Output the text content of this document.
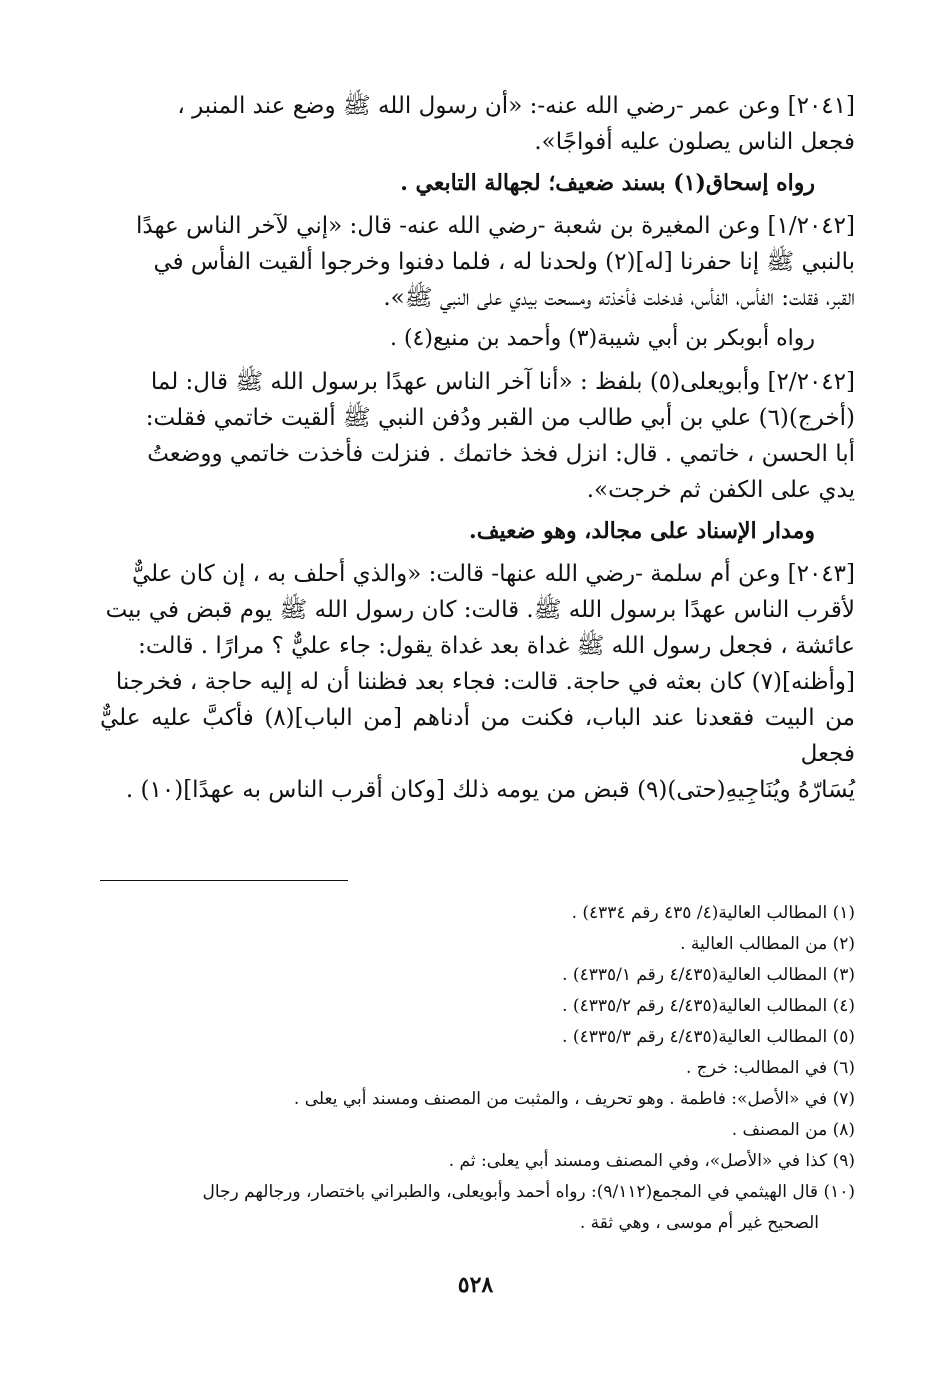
[٢٠٤١] وعن عمر -رضي الله عنه-: «أن رسول الله ﷺ وضع عند المنبر ،

فجعل الناس يصلون عليه أفواجًا».

رواه إسحاق(١) بسند ضعيف؛ لجهالة التابعي .

[١/٢٠٤٢] وعن المغيرة بن شعبة -رضي الله عنه- قال: «إني لآخر الناس عهدًا

بالنبي ﷺ إنا حفرنا [له](٢) ولحدنا له ، فلما دفنوا وخرجوا ألقيت الفأس في

القبر، فقلت: الفأس، الفأس، فدخلت فأخذته ومسحت بيدي على النبي ﷺ».

رواه أبوبكر بن أبي شيبة(٣) وأحمد بن منيع(٤) .

[٢/٢٠٤٢] وأبويعلى(٥) بلفظ : «أنا آخر الناس عهدًا برسول الله ﷺ قال: لما

(أخرج)(٦) علي بن أبي طالب من القبر ودُفن النبي ﷺ ألقيت خاتمي فقلت:

أبا الحسن ، خاتمي . قال: انزل فخذ خاتمك . فنزلت فأخذت خاتمي ووضعتُ

يدي على الكفن ثم خرجت».

ومدار الإسناد على مجالد، وهو ضعيف.

[٢٠٤٣] وعن أم سلمة -رضي الله عنها- قالت: «والذي أحلف به ، إن كان عليٌّ

لأقرب الناس عهدًا برسول الله ﷺ. قالت: كان رسول الله ﷺ يوم قبض في بيت

عائشة ، فجعل رسول الله ﷺ غداة بعد غداة يقول: جاء عليٌّ ؟ مرارًا . قالت:

[وأظنه](٧) كان بعثه في حاجة. قالت: فجاء بعد فظننا أن له إليه حاجة ، فخرجنا

من البيت فقعدنا عند الباب، فكنت من أدناهم [من الباب](٨) فأكبَّ عليه عليٌّ فجعل

يُسَارّهُ ويُنَاجِيهِ(حتى)(٩) قبض من يومه ذلك [وكان أقرب الناس به عهدًا](١٠) .

(١) المطالب العالية(٤/ ٤٣٥ رقم ٤٣٣٤) .

(٢) من المطالب العالية .

(٣) المطالب العالية(٤/٤٣٥ رقم ٤٣٣٥/١) .

(٤) المطالب العالية(٤/٤٣٥ رقم ٤٣٣٥/٢) .

(٥) المطالب العالية(٤/٤٣٥ رقم ٤٣٣٥/٣) .

(٦) في المطالب: خرج .

(٧) في «الأصل»: فاطمة . وهو تحريف ، والمثبت من المصنف ومسند أبي يعلى .

(٨) من المصنف .

(٩) كذا في «الأصل»، وفي المصنف ومسند أبي يعلى: ثم .

(١٠) قال الهيثمي في المجمع(٩/١١٢): رواه أحمد وأبويعلى، والطبراني باختصار، ورجالهم رجال

الصحيح غير أم موسى ، وهي ثقة .

٥٢٨
